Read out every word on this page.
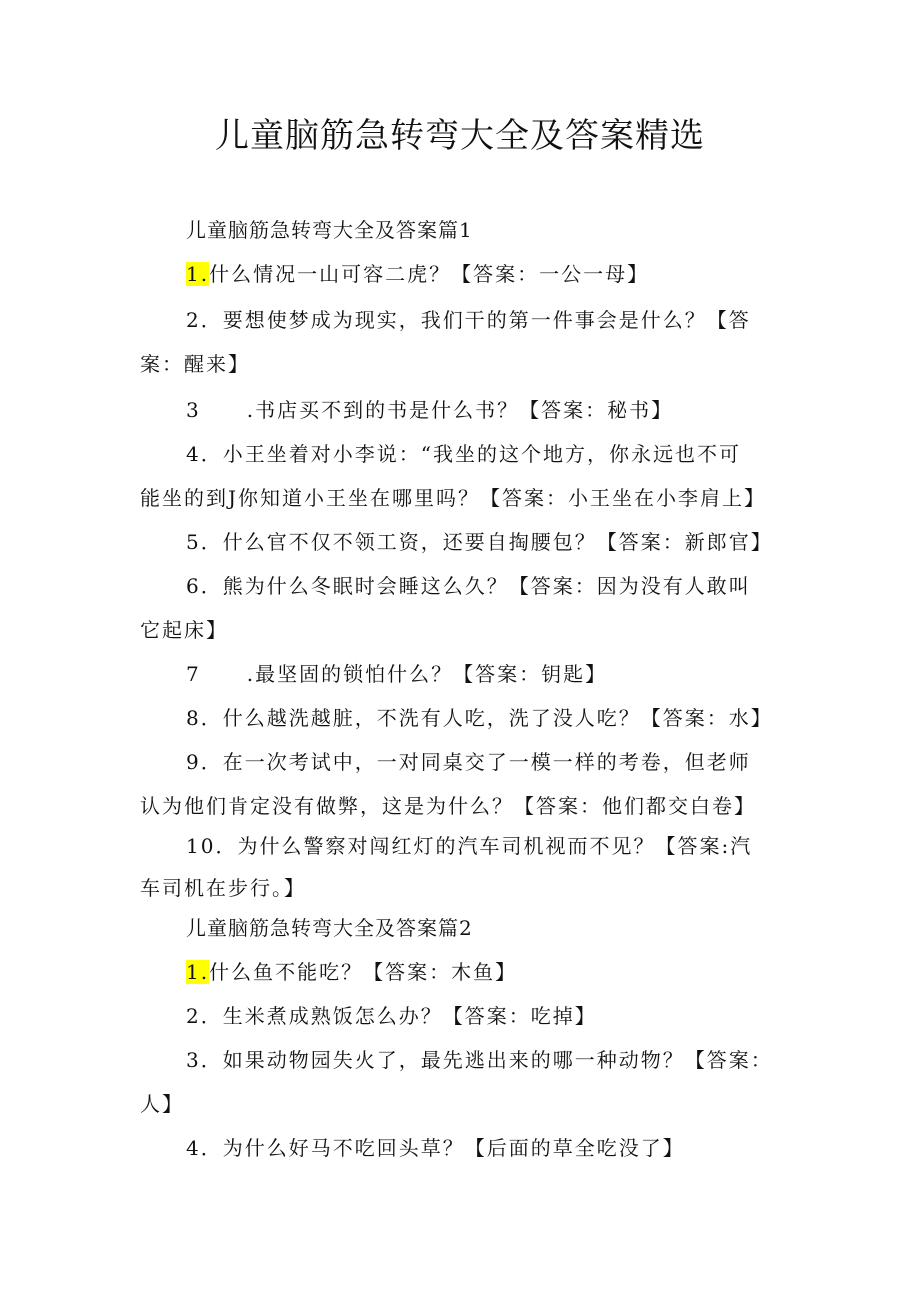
儿童脑筋急转弯大全及答案精选
儿童脑筋急转弯大全及答案篇1
1.什么情况一山可容二虎？【答案：一公一母】
2．要想使梦成为现实，我们干的第一件事会是什么？【答
案：醒来】
3 .书店买不到的书是什么书？【答案：秘书】
4．小王坐着对小李说：“我坐的这个地方，你永远也不可
能坐的到J你知道小王坐在哪里吗？【答案：小王坐在小李肩上】
5．什么官不仅不领工资，还要自掏腰包？【答案：新郎官】
6．熊为什么冬眠时会睡这么久？【答案：因为没有人敢叫
它起床】
7 .最坚固的锁怕什么？【答案：钥匙】
8．什么越洗越脏，不洗有人吃，洗了没人吃？【答案：水】
9．在一次考试中，一对同桌交了一模一样的考卷，但老师
认为他们肯定没有做弊，这是为什么？【答案：他们都交白卷】
10．为什么警察对闯红灯的汽车司机视而不见？【答案:汽
车司机在步行。】
儿童脑筋急转弯大全及答案篇2
1.什么鱼不能吃？【答案：木鱼】
2．生米煮成熟饭怎么办？【答案：吃掉】
3．如果动物园失火了，最先逃出来的哪一种动物？【答案：
人】
4．为什么好马不吃回头草？【后面的草全吃没了】
